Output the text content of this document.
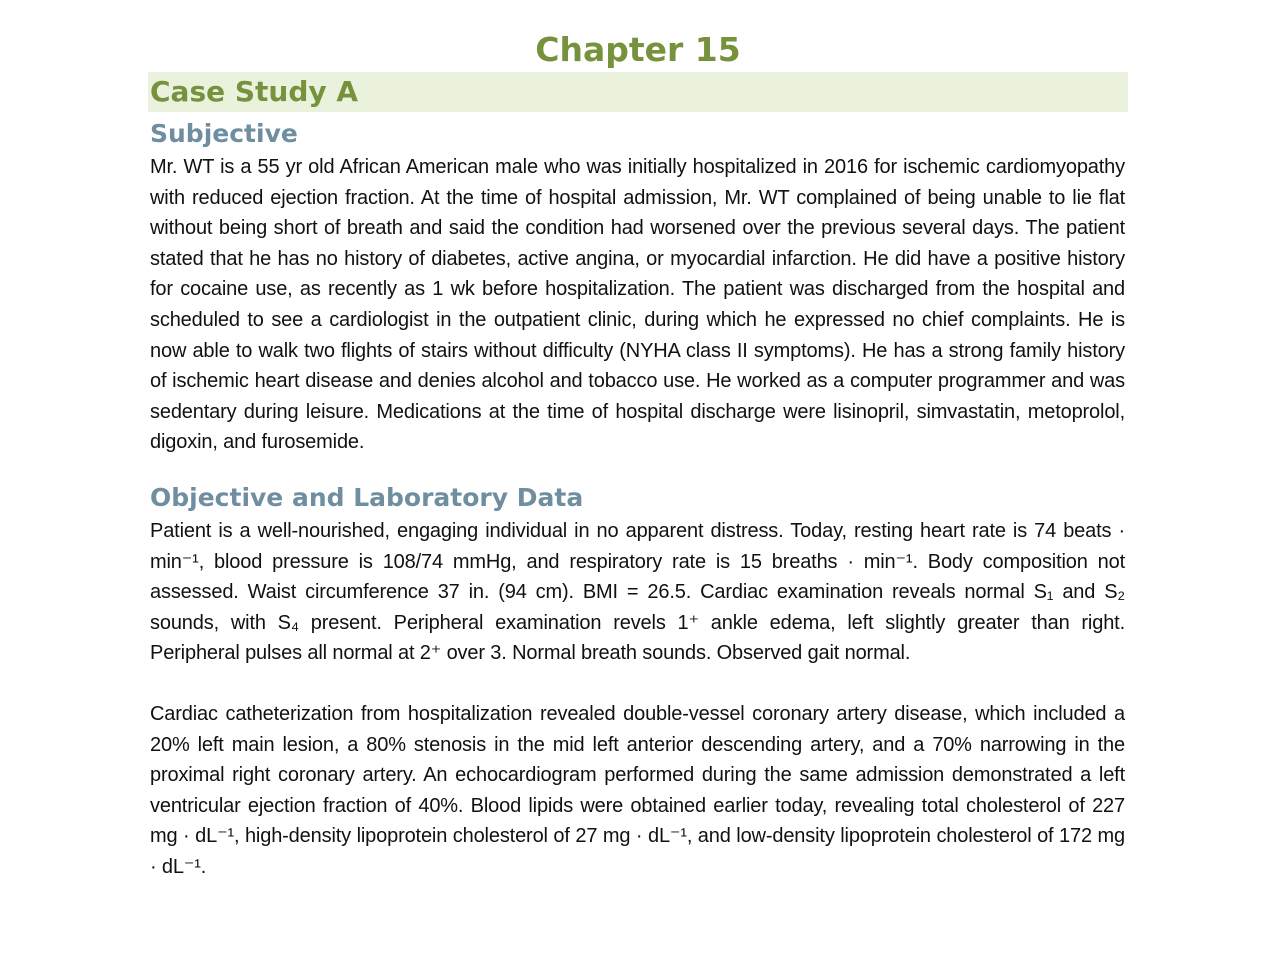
Chapter 15
Case Study A
Subjective

Mr. WT is a 55 yr old African American male who was initially hospitalized in 2016 for ischemic cardiomyopathy with reduced ejection fraction. At the time of hospital admission, Mr. WT complained of being unable to lie flat without being short of breath and said the condition had worsened over the previous several days. The patient stated that he has no history of diabetes, active angina, or myocardial infarction. He did have a positive history for cocaine use, as recently as 1 wk before hospitalization. The patient was discharged from the hospital and scheduled to see a cardiologist in the outpatient clinic, during which he expressed no chief complaints. He is now able to walk two flights of stairs without difficulty (NYHA class II symptoms). He has a strong family history of ischemic heart disease and denies alcohol and tobacco use. He worked as a computer programmer and was sedentary during leisure. Medications at the time of hospital discharge were lisinopril, simvastatin, metoprolol, digoxin, and furosemide.

Objective and Laboratory Data

Patient is a well-nourished, engaging individual in no apparent distress. Today, resting heart rate is 74 beats · min⁻¹, blood pressure is 108/74 mmHg, and respiratory rate is 15 breaths · min⁻¹. Body composition not assessed. Waist circumference 37 in. (94 cm). BMI = 26.5. Cardiac examination reveals normal S₁ and S₂ sounds, with S₄ present. Peripheral examination revels 1⁺ ankle edema, left slightly greater than right. Peripheral pulses all normal at 2⁺ over 3. Normal breath sounds. Observed gait normal.

Cardiac catheterization from hospitalization revealed double-vessel coronary artery disease, which included a 20% left main lesion, a 80% stenosis in the mid left anterior descending artery, and a 70% narrowing in the proximal right coronary artery. An echocardiogram performed during the same admission demonstrated a left ventricular ejection fraction of 40%. Blood lipids were obtained earlier today, revealing total cholesterol of 227 mg · dL⁻¹, high-density lipoprotein cholesterol of 27 mg · dL⁻¹, and low-density lipoprotein cholesterol of 172 mg · dL⁻¹.
